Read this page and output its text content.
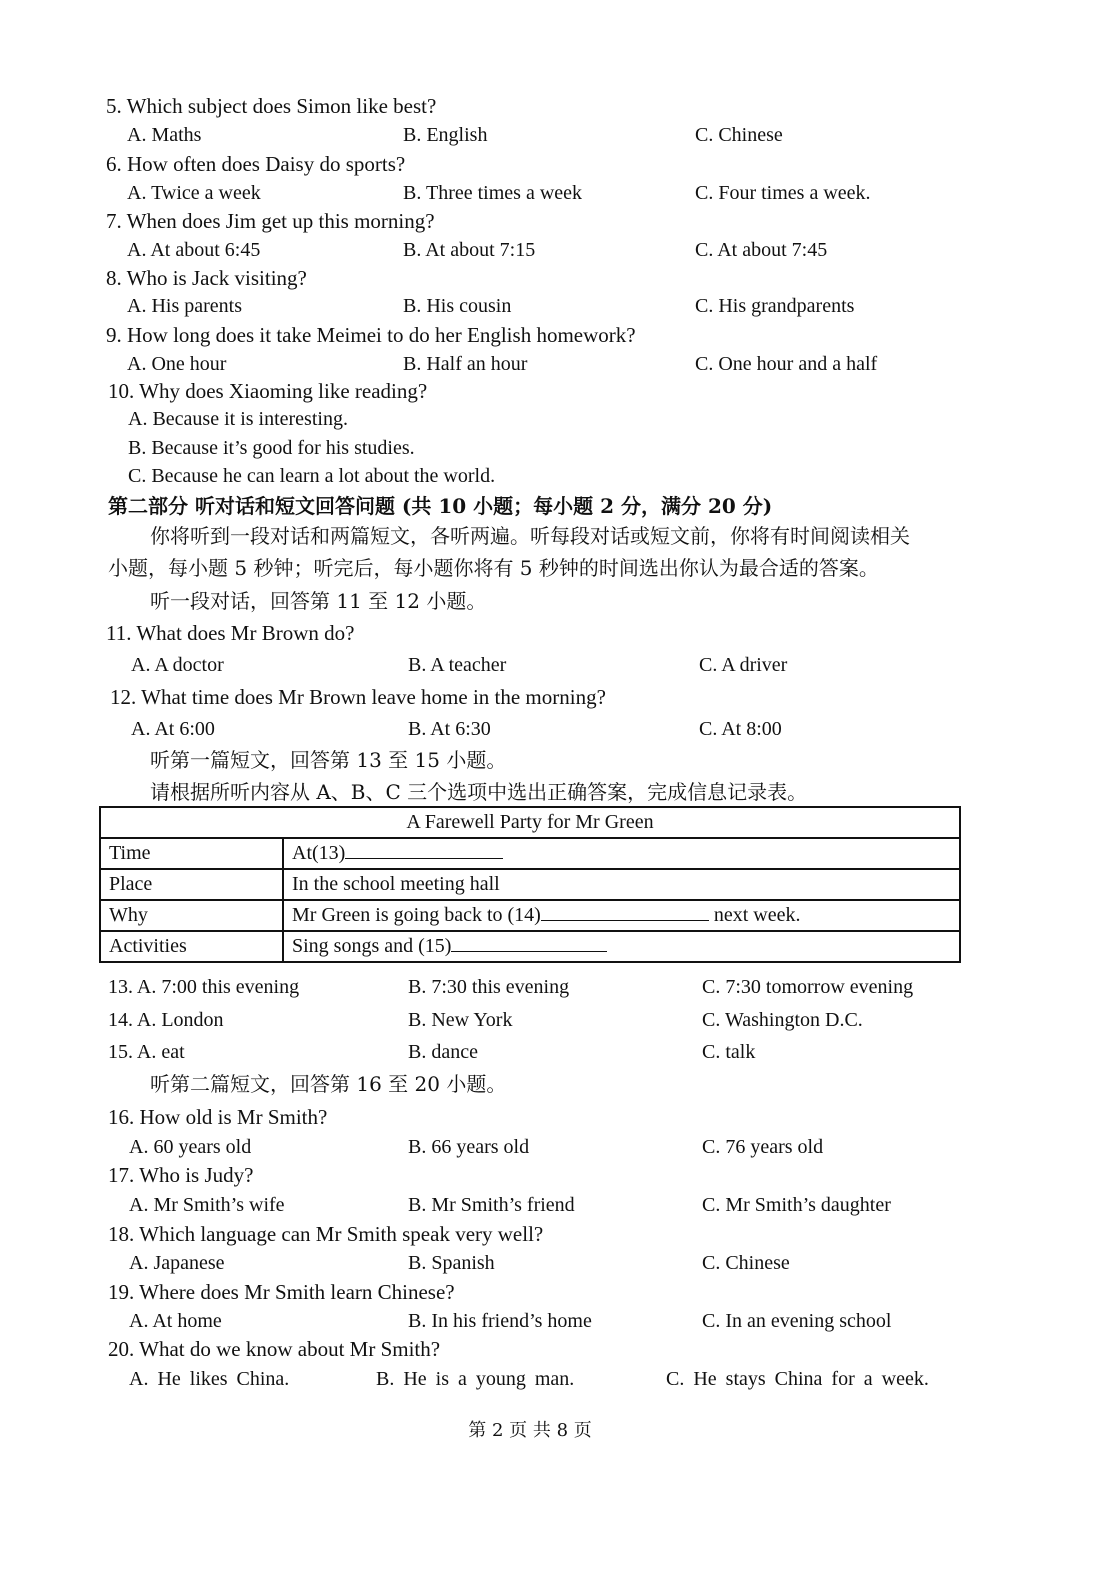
5. Which subject does Simon like best?
A. Maths	B. English	C. Chinese
6. How often does Daisy do sports?
A. Twice a week	B. Three times a week	C. Four times a week.
7. When does Jim get up this morning?
A. At about 6:45	B. At about 7:15	C. At about 7:45
8. Who is Jack visiting?
A. His parents	B. His cousin	C. His grandparents
9. How long does it take Meimei to do her English homework?
A. One hour	B. Half an hour	C. One hour and a half
10. Why does Xiaoming like reading?
A. Because it is interesting.
B. Because it’s good for his studies.
C. Because he can learn a lot about the world.
第二部分 听对话和短文回答问题 (共 10 小题；每小题 2 分，满分 20 分)
你将听到一段对话和两篇短文，各听两遍。听每段对话或短文前，你将有时间阅读相关
小题，每小题 5 秒钟；听完后，每小题你将有 5 秒钟的时间选出你认为最合适的答案。
听一段对话，回答第 11 至 12 小题。
11. What does Mr Brown do?
A. A doctor	B. A teacher	C. A driver
12. What time does Mr Brown leave home in the morning?
A. At 6:00	B. At 6:30	C. At 8:00
听第一篇短文，回答第 13 至 15 小题。
请根据所听内容从 A、B、C 三个选项中选出正确答案，完成信息记录表。
A Farewell Party for Mr Green	
Time	At(13)
Place	In the school meeting hall
Why	Mr Green is going back to (14) next week.
Activities	Sing songs and (15)
13. A. 7:00 this evening	B. 7:30 this evening	C. 7:30 tomorrow evening
14. A. London	B. New York	C. Washington D.C.
15. A. eat	B. dance	C. talk
听第二篇短文，回答第 16 至 20 小题。
16. How old is Mr Smith?
A. 60 years old	B. 66 years old	C. 76 years old
17. Who is Judy?
A. Mr Smith’s wife	B. Mr Smith’s friend	C. Mr Smith’s daughter
18. Which language can Mr Smith speak very well?
A. Japanese	B. Spanish	C. Chinese
19. Where does Mr Smith learn Chinese?
A. At home	B. In his friend’s home	C. In an evening school
20. What do we know about Mr Smith?
A. He likes China.	B. He is a young man.	C. He stays China for a week.
第 2 页 共 8 页
